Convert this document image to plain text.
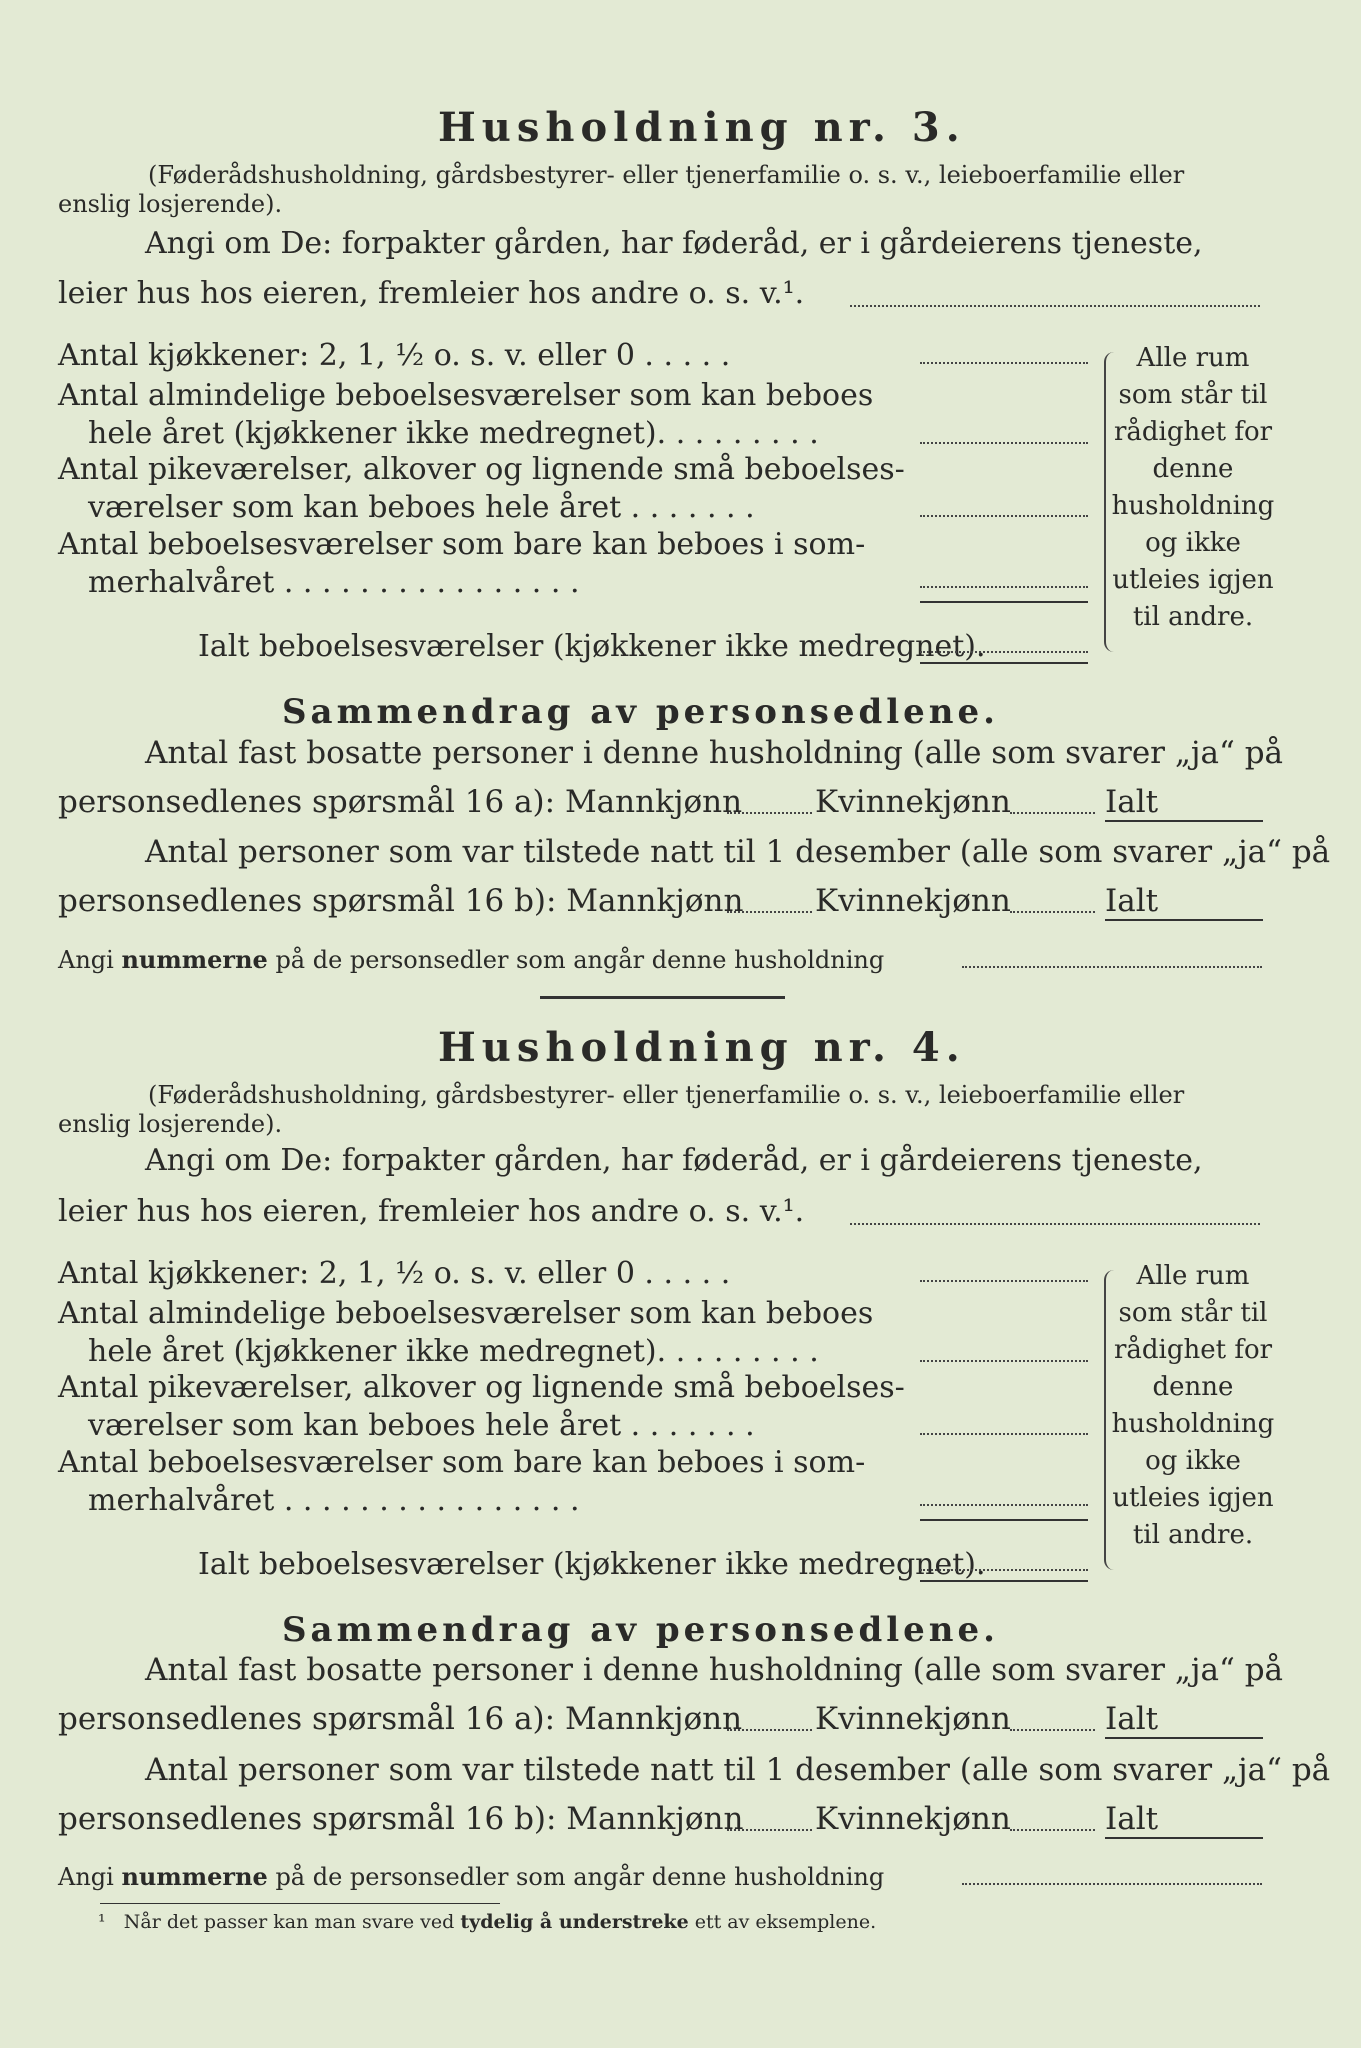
Husholdning nr. 3.
(Føderådshusholdning, gårdsbestyrer- eller tjenerfamilie o. s. v., leieboerfamilie eller
enslig losjerende).
Angi om De: forpakter gården, har føderåd, er i gårdeierens tjeneste,
leier hus hos eieren, fremleier hos andre o. s. v.¹.
Antal kjøkkener: 2, 1, ½ o. s. v. eller 0 . . . . .
Antal almindelige beboelsesværelser som kan beboes
hele året (kjøkkener ikke medregnet). . . . . . . . .
Antal pikeværelser, alkover og lignende små beboelses-
værelser som kan beboes hele året . . . . . . .
Antal beboelsesværelser som bare kan beboes i som-
merhalvåret . . . . . . . . . . . . . . . .
Ialt beboelsesværelser (kjøkkener ikke medregnet).
Alle rum som står til rådighet for denne husholdning og ikke utleies igjen til andre.
Sammendrag av personsedlene.
Antal fast bosatte personer i denne husholdning (alle som svarer „ja“ på
personsedlenes spørsmål 16 a): Mannkjønn Kvinnekjønn	Ialt
Antal personer som var tilstede natt til 1 desember (alle som svarer „ja“ på
personsedlenes spørsmål 16 b): Mannkjønn Kvinnekjønn	Ialt
Angi nummerne på de personsedler som angår denne husholdning
Husholdning nr. 4.
(Føderådshusholdning, gårdsbestyrer- eller tjenerfamilie o. s. v., leieboerfamilie eller
enslig losjerende).
Angi om De: forpakter gården, har føderåd, er i gårdeierens tjeneste,
leier hus hos eieren, fremleier hos andre o. s. v.¹.
Antal kjøkkener: 2, 1, ½ o. s. v. eller 0 . . . . .
Antal almindelige beboelsesværelser som kan beboes
hele året (kjøkkener ikke medregnet). . . . . . . . .
Antal pikeværelser, alkover og lignende små beboelses-
værelser som kan beboes hele året . . . . . . .
Antal beboelsesværelser som bare kan beboes i som-
merhalvåret . . . . . . . . . . . . . . . .
Ialt beboelsesværelser (kjøkkener ikke medregnet).
Alle rum som står til rådighet for denne husholdning og ikke utleies igjen til andre.
Sammendrag av personsedlene.
Antal fast bosatte personer i denne husholdning (alle som svarer „ja“ på
personsedlenes spørsmål 16 a): Mannkjønn Kvinnekjønn	Ialt
Antal personer som var tilstede natt til 1 desember (alle som svarer „ja“ på
personsedlenes spørsmål 16 b): Mannkjønn Kvinnekjønn	Ialt
Angi nummerne på de personsedler som angår denne husholdning
¹ Når det passer kan man svare ved tydelig å understreke ett av eksemplene.
